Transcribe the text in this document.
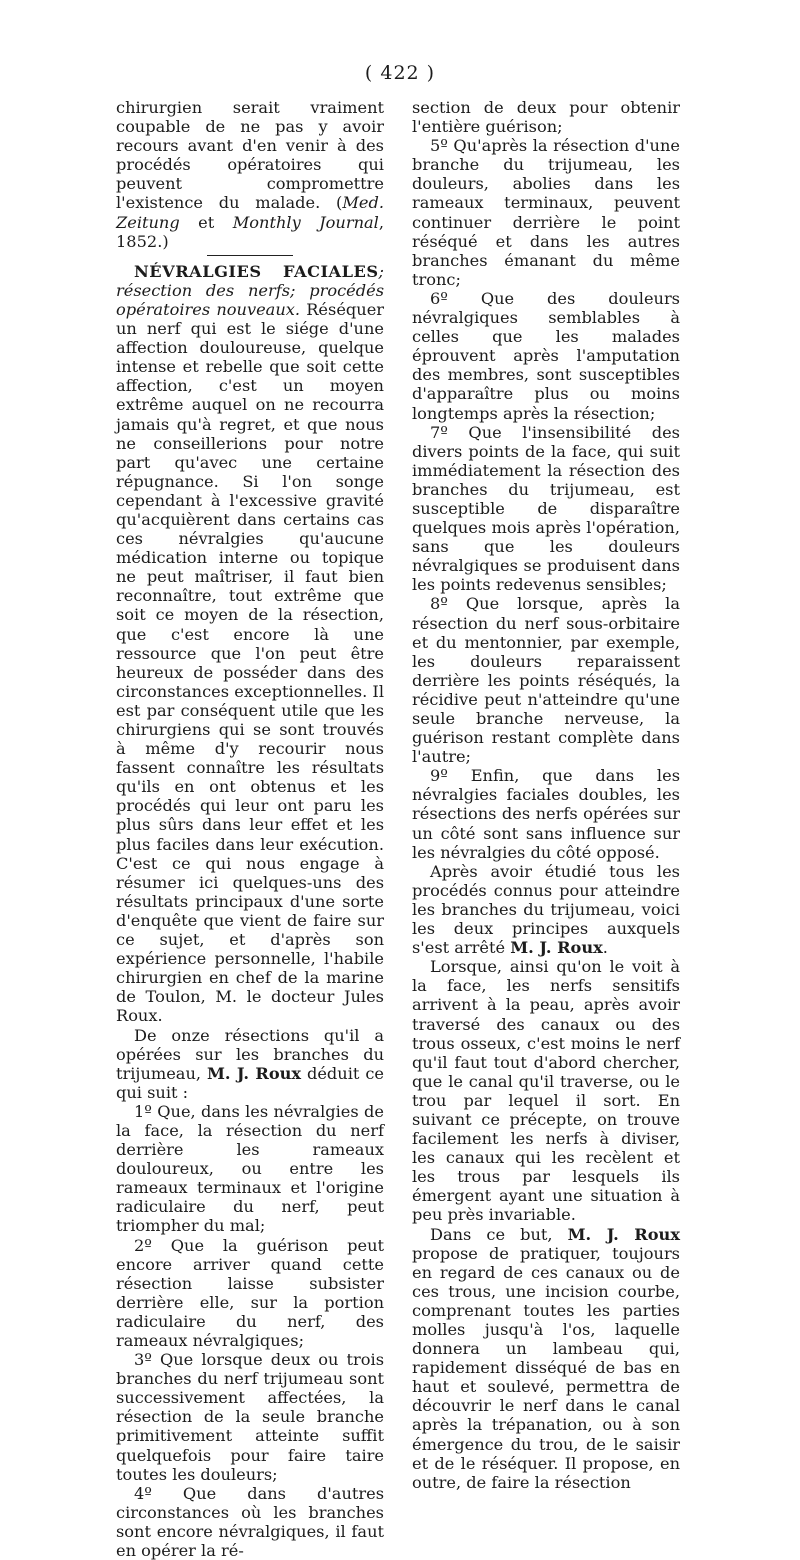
( 422 )

chirurgien serait vraiment coupable de ne pas y avoir recours avant d'en venir à des procédés opératoires qui peuvent compromettre l'existence du malade. (Med. Zeitung et Monthly Journal, 1852.)

NÉVRALGIES FACIALES; résection des nerfs; procédés opératoires nouveaux. Réséquer un nerf qui est le siége d'une affection douloureuse, quelque intense et rebelle que soit cette affection, c'est un moyen extrême auquel on ne recourra jamais qu'à regret, et que nous ne conseillerions pour notre part qu'avec une certaine répugnance. Si l'on songe cependant à l'excessive gravité qu'acquièrent dans certains cas ces névralgies qu'aucune médication interne ou topique ne peut maîtriser, il faut bien reconnaître, tout extrême que soit ce moyen de la résection, que c'est encore là une ressource que l'on peut être heureux de posséder dans des circonstances exceptionnelles. Il est par conséquent utile que les chirurgiens qui se sont trouvés à même d'y recourir nous fassent connaître les résultats qu'ils en ont obtenus et les procédés qui leur ont paru les plus sûrs dans leur effet et les plus faciles dans leur exécution. C'est ce qui nous engage à résumer ici quelques-uns des résultats principaux d'une sorte d'enquête que vient de faire sur ce sujet, et d'après son expérience personnelle, l'habile chirurgien en chef de la marine de Toulon, M. le docteur Jules Roux.

De onze résections qu'il a opérées sur les branches du trijumeau, M. J. Roux déduit ce qui suit :

1º Que, dans les névralgies de la face, la résection du nerf derrière les rameaux douloureux, ou entre les rameaux terminaux et l'origine radiculaire du nerf, peut triompher du mal;

2º Que la guérison peut encore arriver quand cette résection laisse subsister derrière elle, sur la portion radiculaire du nerf, des rameaux névralgiques;

3º Que lorsque deux ou trois branches du nerf trijumeau sont successivement affectées, la résection de la seule branche primitivement atteinte suffit quelquefois pour faire taire toutes les douleurs;

4º Que dans d'autres circonstances où les branches sont encore névralgiques, il faut en opérer la ré-

section de deux pour obtenir l'entière guérison;

5º Qu'après la résection d'une branche du trijumeau, les douleurs, abolies dans les rameaux terminaux, peuvent continuer derrière le point réséqué et dans les autres branches émanant du même tronc;

6º Que des douleurs névralgiques semblables à celles que les malades éprouvent après l'amputation des membres, sont susceptibles d'apparaître plus ou moins longtemps après la résection;

7º Que l'insensibilité des divers points de la face, qui suit immédiatement la résection des branches du trijumeau, est susceptible de disparaître quelques mois après l'opération, sans que les douleurs névralgiques se produisent dans les points redevenus sensibles;

8º Que lorsque, après la résection du nerf sous-orbitaire et du mentonnier, par exemple, les douleurs reparaissent derrière les points réséqués, la récidive peut n'atteindre qu'une seule branche nerveuse, la guérison restant complète dans l'autre;

9º Enfin, que dans les névralgies faciales doubles, les résections des nerfs opérées sur un côté sont sans influence sur les névralgies du côté opposé.

Après avoir étudié tous les procédés connus pour atteindre les branches du trijumeau, voici les deux principes auxquels s'est arrêté M. J. Roux.

Lorsque, ainsi qu'on le voit à la face, les nerfs sensitifs arrivent à la peau, après avoir traversé des canaux ou des trous osseux, c'est moins le nerf qu'il faut tout d'abord chercher, que le canal qu'il traverse, ou le trou par lequel il sort. En suivant ce précepte, on trouve facilement les nerfs à diviser, les canaux qui les recèlent et les trous par lesquels ils émergent ayant une situation à peu près invariable.

Dans ce but, M. J. Roux propose de pratiquer, toujours en regard de ces canaux ou de ces trous, une incision courbe, comprenant toutes les parties molles jusqu'à l'os, laquelle donnera un lambeau qui, rapidement disséqué de bas en haut et soulevé, permettra de découvrir le nerf dans le canal après la trépanation, ou à son émergence du trou, de le saisir et de le réséquer. Il propose, en outre, de faire la résection
